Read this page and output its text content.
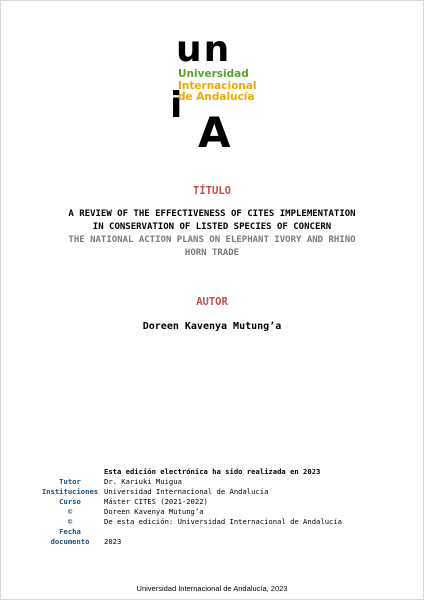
un
i
A
Universidad
Internacional
de Andalucía
TÍTULO
A REVIEW OF THE EFFECTIVENESS OF CITES IMPLEMENTATION
IN CONSERVATION OF LISTED SPECIES OF CONCERN
THE NATIONAL ACTION PLANS ON ELEPHANT IVORY AND RHINO
HORN TRADE
AUTOR
Doreen Kavenya Mutung’a
Esta edición electrónica ha sido realizada en 2023
Tutor	Dr. Kariuki Muigua
Instituciones Universidad Internacional de Andalucía
Curso	Máster CITES (2021-2022)
©	Doreen Kavenya Mutung’a
©	De esta edición: Universidad Internacional de Andalucía
Fecha
documento	2023
Universidad Internacional de Andalucía, 2023
